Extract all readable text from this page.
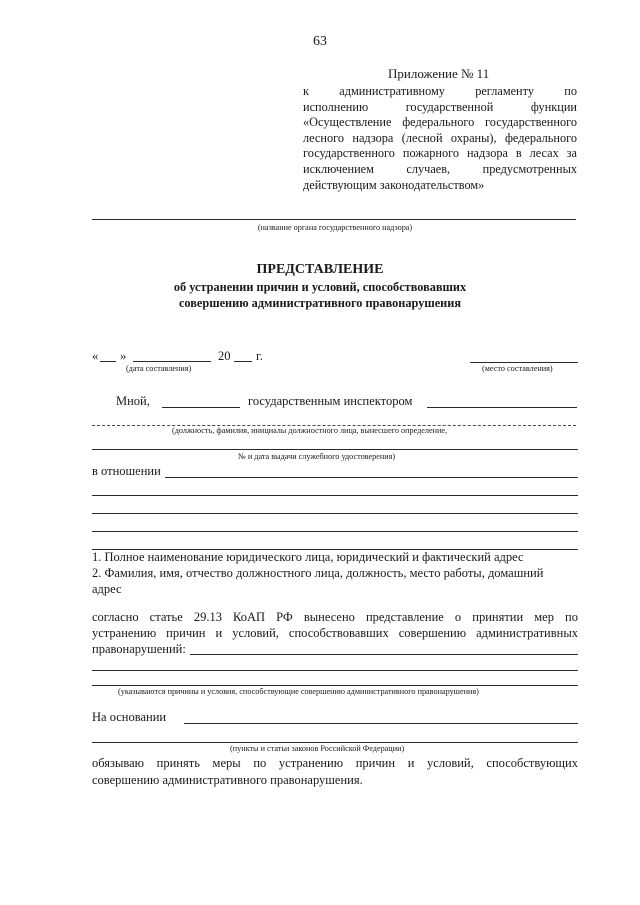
63
Приложение № 11
к административному регламенту по
исполнению государственной функции
«Осуществление федерального государственного
лесного надзора (лесной охраны), федерального
государственного пожарного надзора в лесах за
исключением случаев, предусмотренных
действующим законодательством»
(название органа государственного надзора)
ПРЕДСТАВЛЕНИЕ
об устранении причин и условий, способствовавших
совершению административного правонарушения
« »	20 г.
(дата составления)	(место составления)
Мной,	государственным инспектором
(должность, фамилия, инициалы должностного лица, вынесшего определение,
№ и дата выдачи служебного удостоверения)
в отношении
1. Полное наименование юридического лица, юридический и фактический адрес
2. Фамилия, имя, отчество должностного лица, должность, место работы, домашний
адрес
согласно статье 29.13 КоАП РФ вынесено представление о принятии мер по
устранению причин и условий, способствовавших совершению административных
правонарушений:
(указываются причины и условия, способствующие совершению административного правонарушения)
На основании
(пункты и статьи законов Российской Федерации)
обязываю принять меры по устранению причин и условий, способствующих
совершению административного правонарушения.
